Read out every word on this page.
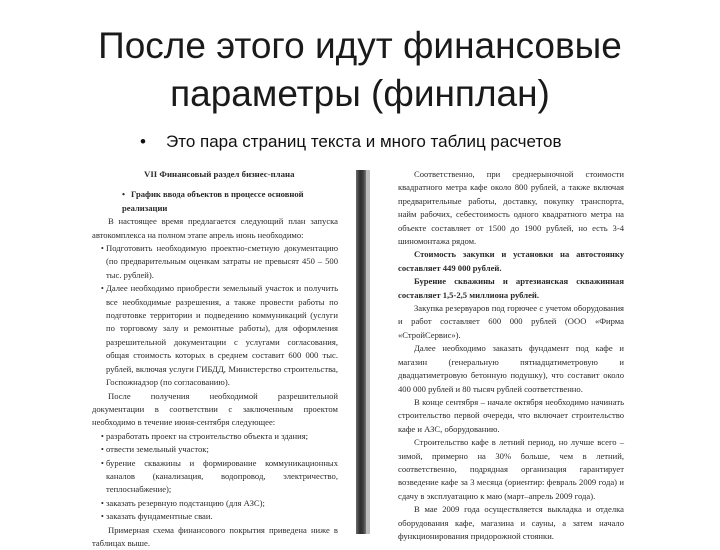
После этого идут финансовые
параметры (финплан)
• Это пара страниц текста и много таблиц расчетов

VII Финансовый раздел бизнес-плана

• График ввода объектов в процессе основной реализации

В настоящее время предлагается следующий план запуска автокомплекса на полном этапе апрель июнь необходимо:

• Подготовить необходимую проектно-сметную документацию (по предварительным оценкам затраты не превысят 450 – 500 тыс. рублей).
• Далее необходимо приобрести земельный участок и получить все необходимые разрешения, а также провести работы по подготовке территории и подведению коммуникаций (услуги по торговому залу и ремонтные работы), для оформления разрешительной документации с услугами согласования, общая стоимость которых в среднем составит 600 000 тыс. рублей, включая услуги ГИБДД, Министерство строительства, Госпожнадзор (по согласованию).

После получения необходимой разрешительной документации в соответствии с заключенным проектом необходимо в течение июня-сентября следующее:

• разработать проект на строительство объекта и здания;
• отвести земельный участок;
• бурение скважины и формирование коммуникационных каналов (канализация, водопровод, электричество, теплоснабжение);
• заказать резервную подстанцию (для АЗС);
• заказать фундаментные сваи.

Примерная схема финансового покрытия приведена ниже в таблицах выше.

Соответственно, при среднерыночной стоимости квадратного метра кафе около 800 рублей, а также включая предварительные работы, доставку, покупку транспорта, найм рабочих, себестоимость одного квадратного метра на объекте составляет от 1500 до 1900 рублей, но есть 3-4 шиномонтажа рядом.

Стоимость закупки и установки на автостоянку составляет 449 000 рублей.

Бурение скважины и артезианская скважинная составляет 1,5-2,5 миллиона рублей.

Закупка резервуаров под горючее с учетом оборудования и работ составляет 600 000 рублей (ООО «Фирма «СтройСервис»).

Далее необходимо заказать фундамент под кафе и магазин (генеральную пятнадцатиметровую и двадцатиметровую бетонную подушку), что составит около 400 000 рублей и 80 тысяч рублей соответственно.

В конце сентября – начале октября необходимо начинать строительство первой очереди, что включает строительство кафе и АЗС, оборудованию.

Строительство кафе в летний период, но лучше всего – зимой, примерно на 30% больше, чем в летний, соответственно, подрядная организация гарантирует возведение кафе за 3 месяца (ориентир: февраль 2009 года) и сдачу в эксплуатацию к маю (март–апрель 2009 года).

В мае 2009 года осуществляется выкладка и отделка оборудования кафе, магазина и сауны, а затем начало функционирования придорожной стоянки.
